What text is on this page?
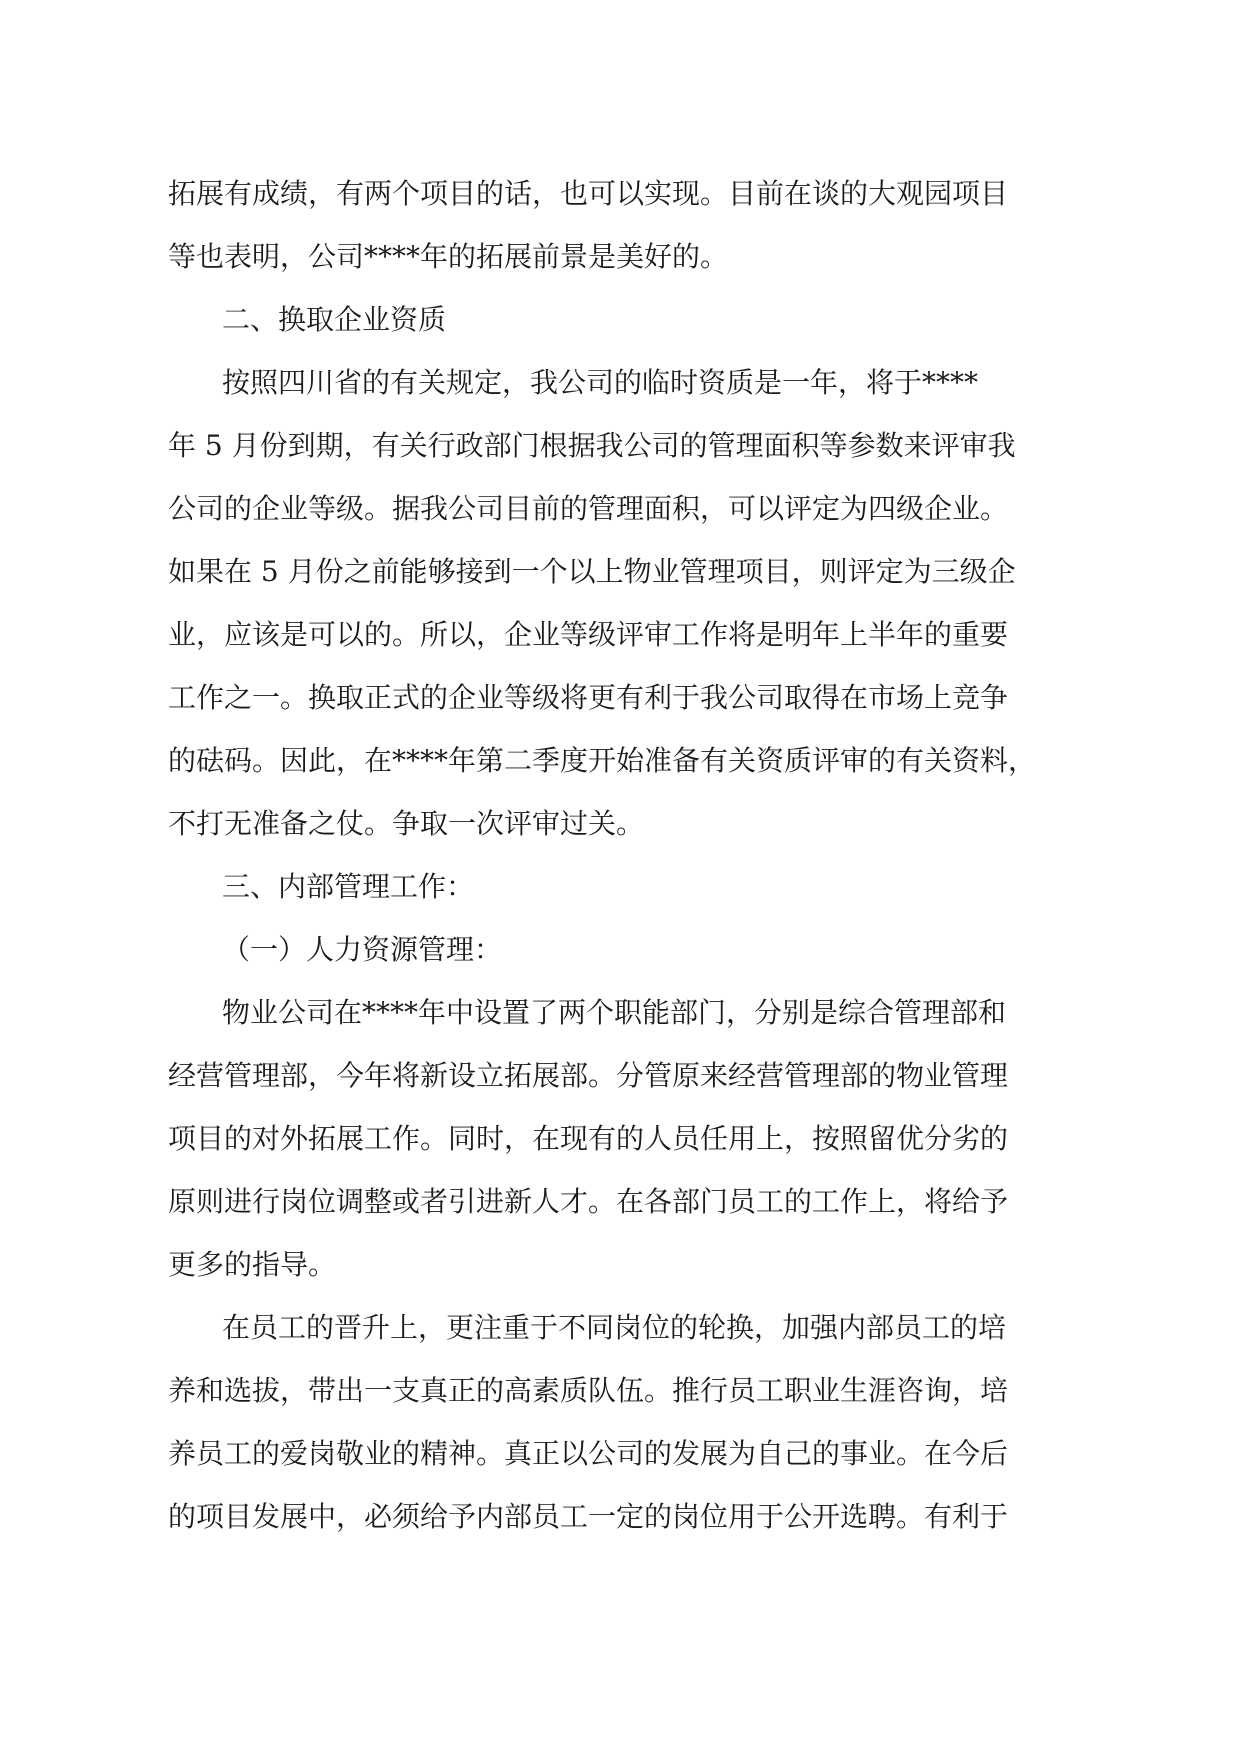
拓展有成绩，有两个项目的话，也可以实现。目前在谈的大观园项目

等也表明，公司****年的拓展前景是美好的。

二、换取企业资质

按照四川省的有关规定，我公司的临时资质是一年，将于****

年 5 月份到期，有关行政部门根据我公司的管理面积等参数来评审我

公司的企业等级。据我公司目前的管理面积，可以评定为四级企业。

如果在 5 月份之前能够接到一个以上物业管理项目，则评定为三级企

业，应该是可以的。所以，企业等级评审工作将是明年上半年的重要

工作之一。换取正式的企业等级将更有利于我公司取得在市场上竞争

的砝码。因此，在****年第二季度开始准备有关资质评审的有关资料，

不打无准备之仗。争取一次评审过关。

三、内部管理工作：

（一）人力资源管理：

物业公司在****年中设置了两个职能部门，分别是综合管理部和

经营管理部，今年将新设立拓展部。分管原来经营管理部的物业管理

项目的对外拓展工作。同时，在现有的人员任用上，按照留优分劣的

原则进行岗位调整或者引进新人才。在各部门员工的工作上，将给予

更多的指导。

在员工的晋升上，更注重于不同岗位的轮换，加强内部员工的培

养和选拔，带出一支真正的高素质队伍。推行员工职业生涯咨询，培

养员工的爱岗敬业的精神。真正以公司的发展为自己的事业。在今后

的项目发展中，必须给予内部员工一定的岗位用于公开选聘。有利于
